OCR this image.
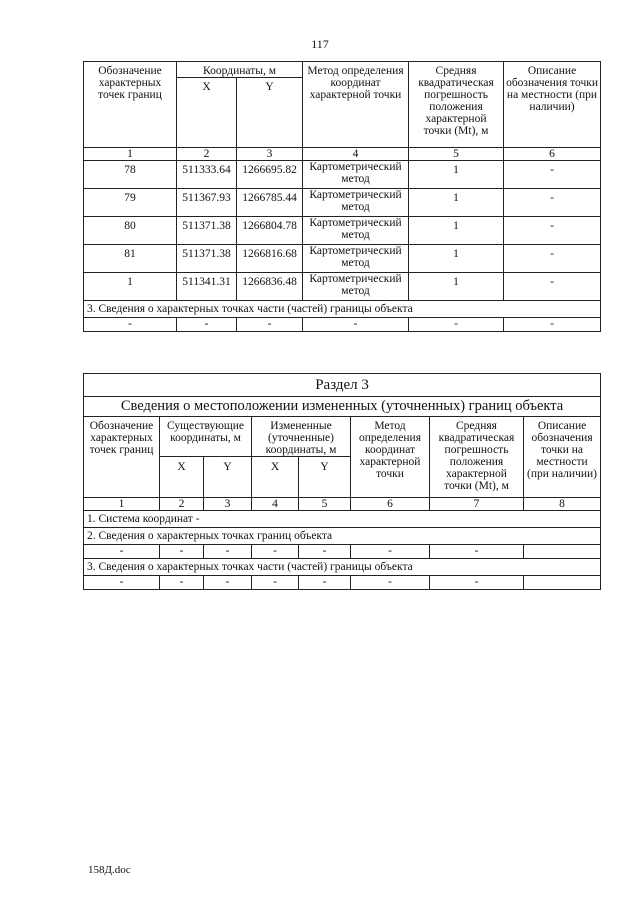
117
Обозначение характерных точек границ	Координаты, м		Метод определения координат характерной точки	Средняя квадратическая погрешность положения характерной точки (Mt), м	Описание обозначения точки на местности (при наличии)
	X	Y			
1	2	3	4	5	6
78	511333.64	1266695.82	Картометрический метод	1	-
79	511367.93	1266785.44	Картометрический метод	1	-
80	511371.38	1266804.78	Картометрический метод	1	-
81	511371.38	1266816.68	Картометрический метод	1	-
1	511341.31	1266836.48	Картометрический метод	1	-
3. Сведения о характерных точках части (частей) границы объекта					
-	-	-	-	-	-
Раздел 3							
Сведения о местоположении измененных (уточненных) границ объекта							
Обозначение характерных точек границ	Существующие координаты, м		Измененные (уточненные) координаты, м		Метод определения координат характерной точки	Средняя квадратическая погрешность положения характерной точки (Mt), м	Описание обозначения точки на местности (при наличии)
	X	Y	X	Y			
1	2	3	4	5	6	7	8
1. Система координат -							
2. Сведения о характерных точках границ объекта							
-	-	-	-	-	-	-	
3. Сведения о характерных точках части (частей) границы объекта							
-	-	-	-	-	-	-	
158Д.doc
